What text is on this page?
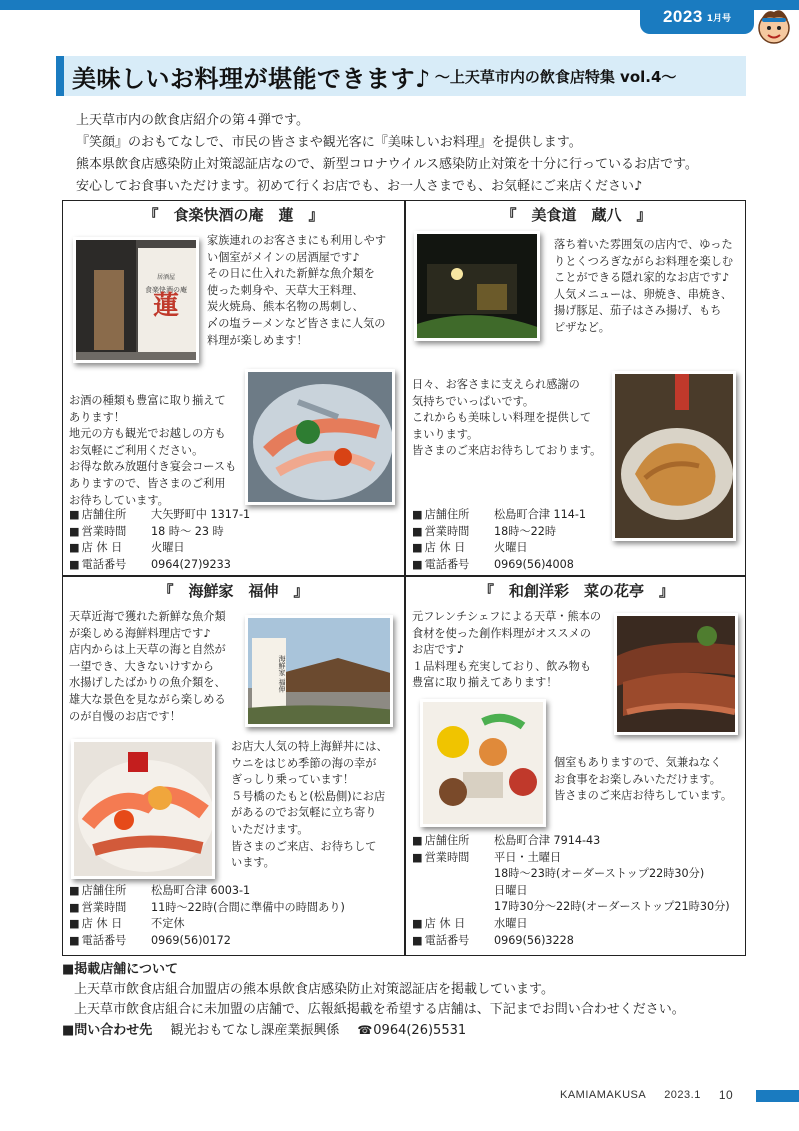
2023 1月号
美味しいお料理が堪能できます♪ 〜上天草市内の飲食店特集 vol.4〜

上天草市内の飲食店紹介の第４弾です。

『笑顔』のおもてなしで、市民の皆さまや観光客に『美味しいお料理』を提供します。

熊本県飲食店感染防止対策認証店なので、新型コロナウイルス感染防止対策を十分に行っているお店です。

安心してお食事いただけます。初めて行くお店でも、お一人さまでも、お気軽にご来店ください♪

『　食楽快酒の庵　蓮　』
居酒屋
食楽快酒の庵
蓮
家族連れのお客さまにも利用しやす
い個室がメインの居酒屋です♪
その日に仕入れた新鮮な魚介類を
使った刺身や、天草大王料理、
炭火焼鳥、熊本名物の馬刺し、
〆の塩ラーメンなど皆さまに人気の
料理が楽しめます！
お酒の種類も豊富に取り揃えて
あります！
地元の方も観光でお越しの方も
お気軽にご利用ください。
お得な飲み放題付き宴会コースも
ありますので、皆さまのご利用
お待ちしています。
■ 店舗住所	大矢野町中 1317-1
■ 営業時間	18 時〜 23 時
■ 店 休 日	火曜日
■ 電話番号	0964(27)9233
『　美食道　蔵八　』
落ち着いた雰囲気の店内で、ゆった
りとくつろぎながらお料理を楽しむ
ことができる隠れ家的なお店です♪
人気メニューは、卵焼き、串焼き、
揚げ豚足、茄子はさみ揚げ、もち
ピザなど。
日々、お客さまに支えられ感謝の
気持ちでいっぱいです。
これからも美味しい料理を提供して
まいります。
皆さまのご来店お待ちしております。
■ 店舗住所	松島町合津 114-1
■ 営業時間	18時〜22時
■ 店 休 日	火曜日
■ 電話番号	0969(56)4008
『　海鮮家　福伸　』
天草近海で獲れた新鮮な魚介類
が楽しめる海鮮料理店です♪
店内からは上天草の海と自然が
一望でき、大きないけすから
水揚げしたばかりの魚介類を、
雄大な景色を見ながら楽しめる
のが自慢のお店です！
海鮮家 福伸
お店大人気の特上海鮮丼には、
ウニをはじめ季節の海の幸が
ぎっしり乗っています！
５号橋のたもと(松島側)にお店
があるのでお気軽に立ち寄り
いただけます。
皆さまのご来店、お待ちして
います。
■ 店舗住所	松島町合津 6003-1
■ 営業時間	11時〜22時(合間に準備中の時間あり)
■ 店 休 日	不定休
■ 電話番号	0969(56)0172
『　和創洋彩　菜の花亭　』
元フレンチシェフによる天草・熊本の
食材を使った創作料理がオススメの
お店です♪
１品料理も充実しており、飲み物も
豊富に取り揃えてあります！
個室もありますので、気兼ねなく
お食事をお楽しみいただけます。
皆さまのご来店お待ちしています。
■ 店舗住所	松島町合津 7914-43
■ 営業時間	平日・土曜日
18時〜23時(オーダーストップ22時30分)
日曜日
17時30分〜22時(オーダーストップ21時30分)
■ 店 休 日	水曜日
■ 電話番号	0969(56)3228
■ 掲載店舗について
上天草市飲食店組合加盟店の熊本県飲食店感染防止対策認証店を掲載しています。
上天草市飲食店組合に未加盟の店舗で、広報紙掲載を希望する店舗は、下記までお問い合わせください。
■ 問い合わせ先 観光おもてなし課産業振興係 ☎0964(26)5531
KAMIAMAKUSA 2023.1 10
